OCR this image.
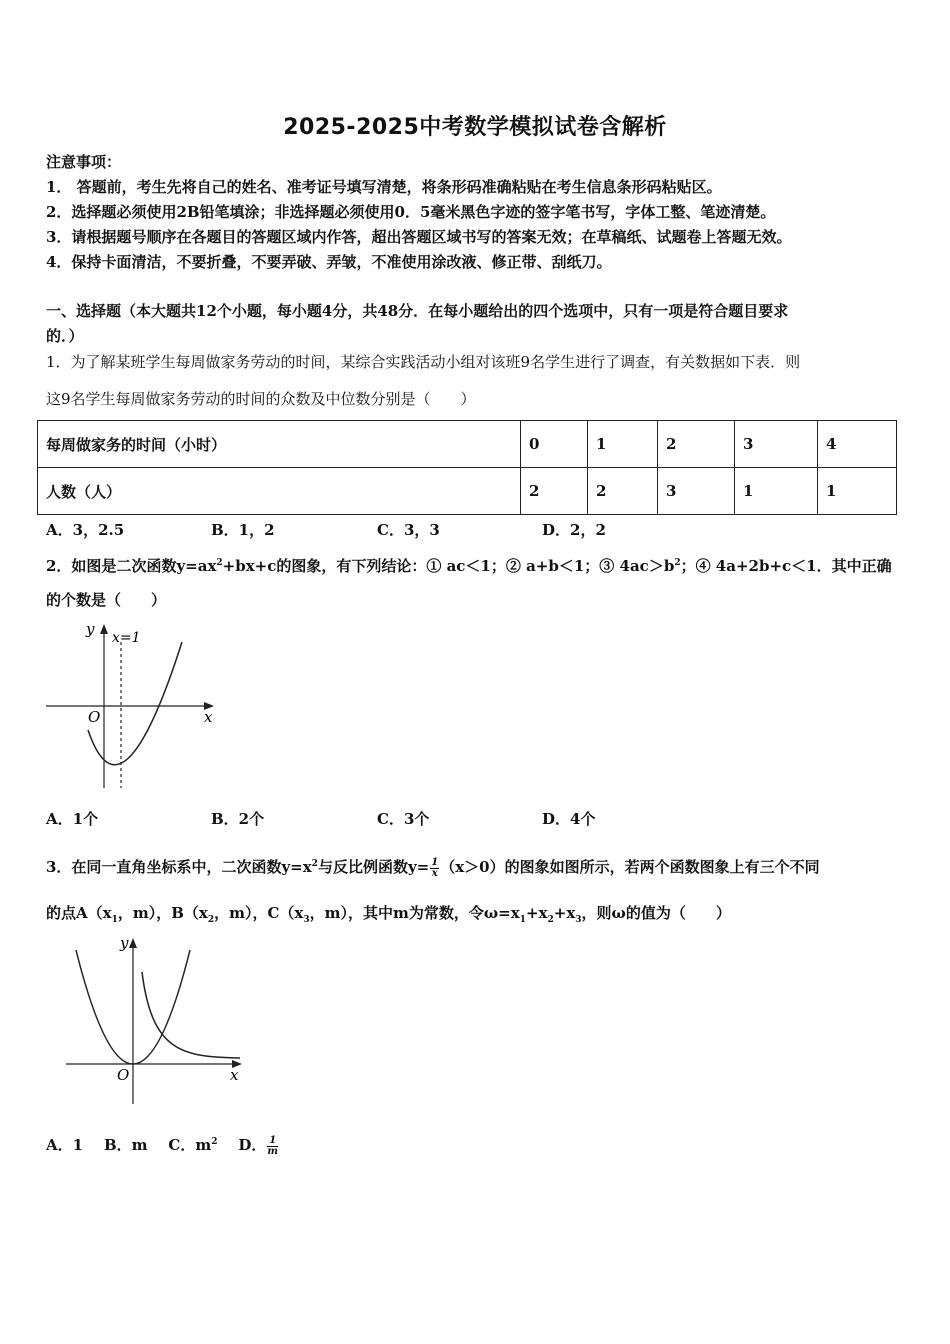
2025-2025中考数学模拟试卷含解析
注意事项：
1． 答题前，考生先将自己的姓名、准考证号填写清楚，将条形码准确粘贴在考生信息条形码粘贴区。
2．选择题必须使用2B铅笔填涂；非选择题必须使用0．5毫米黑色字迹的签字笔书写，字体工整、笔迹清楚。
3．请根据题号顺序在各题目的答题区域内作答，超出答题区域书写的答案无效；在草稿纸、试题卷上答题无效。
4．保持卡面清洁，不要折叠，不要弄破、弄皱，不准使用涂改液、修正带、刮纸刀。
一、选择题（本大题共12个小题，每小题4分，共48分．在每小题给出的四个选项中，只有一项是符合题目要求
的．）
1．为了解某班学生每周做家务劳动的时间，某综合实践活动小组对该班9名学生进行了调查，有关数据如下表．则
这9名学生每周做家务劳动的时间的众数及中位数分别是（　　）
每周做家务的时间（小时）	0	1	2	3	4
人数（人）	2	2	3	1	1
A．3，2.5	B．1，2	C．3，3	D．2，2
2．如图是二次函数$y=ax^2+bx+c$的图象，有下列结论：① ac＜1；② a+b＜1；③ $4ac>b^2$；④ 4a+2b+c＜1．其中正确
的个数是（　　）
y
x
O
x=1
A．1个	B．2个	C．3个	D．4个
3．在同一直角坐标系中，二次函数$y=x^2$与反比例函数$y= \frac{1}{x} (x>0)$的图象如图所示，若两个函数图象上有三个不同
的点$A(x_1$，m），$B(x_2$，m），$C(x_3$，m），其中m为常数，令$\omega=x_1+x_2+x_3$，则ω的值为（　　）
y
x
O
A．1 B．m C．$m^2$ D． $\frac{1}{m}$
